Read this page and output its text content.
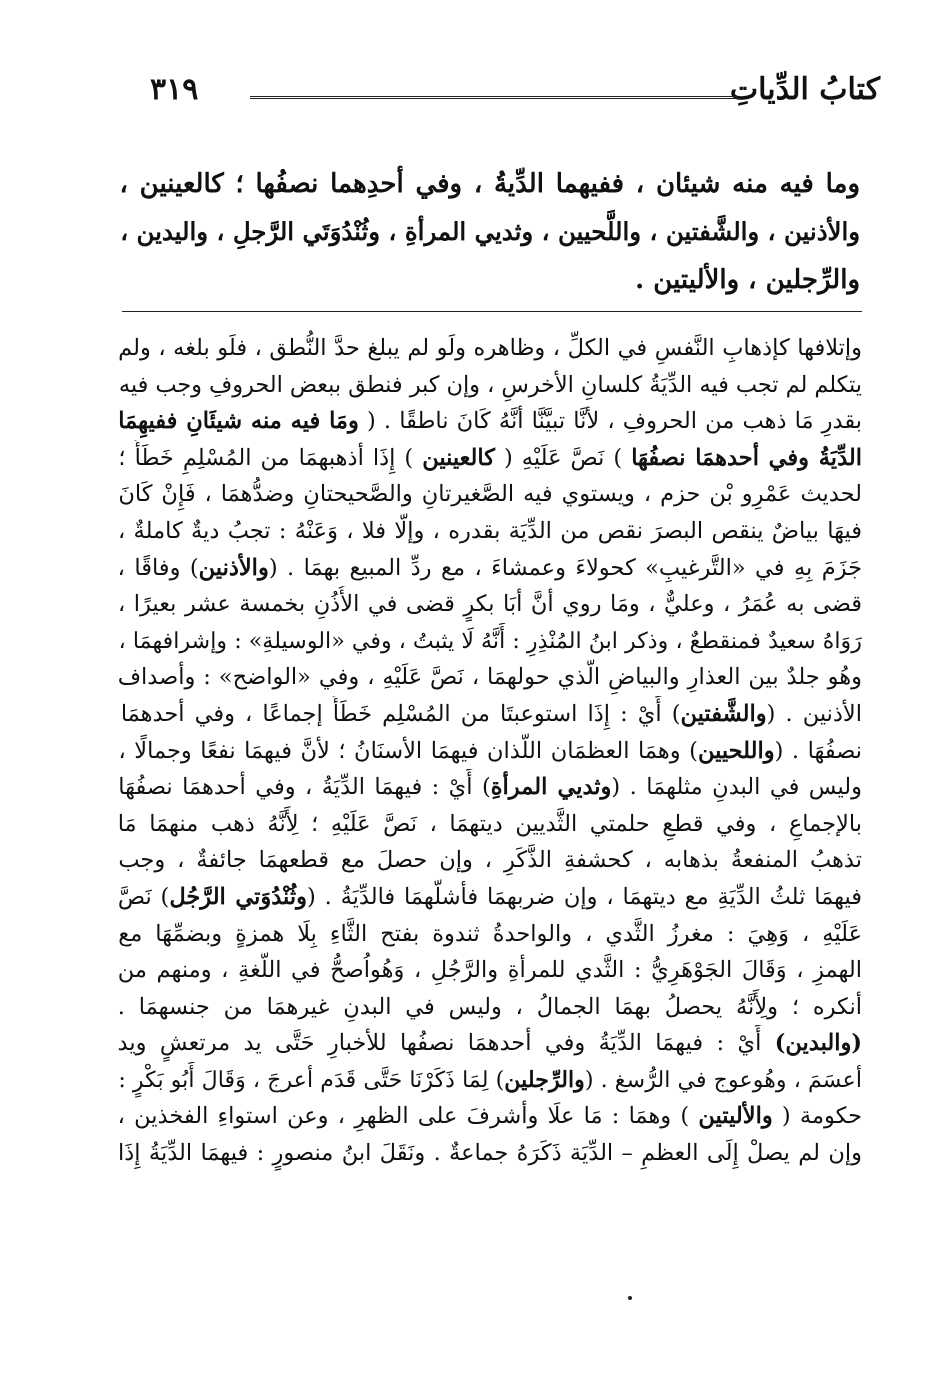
كتابُ الدِّياتِ
٣١٩
وما فيه منه شيئان ، ففيهما الدِّيةُ ، وفي أحدِهما نصفُها ؛ كالعينين ،
والأذنين ، والشَّفتين ، واللَّحيين ، وثديي المرأةِ ، وثُنْدُوَتَي الرَّجلِ ، واليدين ،
والرِّجلين ، والأليتين .
وإتلافها كإذهابِ النَّفسِ في الكلِّ ، وظاهره ولَو لم يبلغ حدَّ النُّطق ، فلَو بلغه ، ولم
يتكلم لم تجب فيه الدِّيَةُ كلسانِ الأخرسِ ، وإن كبر فنطق ببعض الحروفِ وجب فيه
بقدرِ مَا ذهب من الحروفِ ، لأنَّا تبيَّنَّا أنَّهُ كَانَ ناطقًا . ( ومَا فيه منه شيئَانِ ففيهِمَا
الدِّيَةُ وفي أحدهمَا نصفُهَا ) نَصَّ عَلَيْهِ ( كالعينين ) إِذَا أذهبهمَا من المُسْلِمِ خَطَأً ؛
لحديث عَمْرِو بْن حزم ، ويستوي فيه الصَّغيرتانِ والصَّحيحتانِ وضدُّهمَا ، فَإِنْ كَانَ
فيهَا بياضٌ ينقص البصرَ نقص من الدِّيَة بقدره ، وإلَّا فلا ، وَعَنْهُ : تجبُ ديةٌ كاملةٌ ،
جَزَمَ بِهِ في «التَّرغيبِ» كحولاءَ وعمشاءَ ، مع ردِّ المبيع بهمَا . (والأذنين) وفاقًا ،
قضى به عُمَرُ ، وعليٌّ ، ومَا روي أنَّ أبَا بكرٍ قضى في الأُذُنِ بخمسة عشر بعيرًا ،
رَوَاهُ سعيدٌ فمنقطعٌ ، وذكر ابنُ المُنْذِرِ : أَنَّهُ لَا يثبتُ ، وفي «الوسيلةِ» : وإشرافهمَا ،
وهُو جلدٌ بين العذارِ والبياضِ الَّذي حولهمَا ، نَصَّ عَلَيْهِ ، وفي «الواضح» : وأصداف
الأذنين . (والشَّفتين) أَيْ : إِذَا استوعبتَا من المُسْلِم خَطَأً إجماعًا ، وفي أحدهمَا
نصفُهَا . (واللحيين) وهمَا العظمَان اللَّذان فيهمَا الأسنَانُ ؛ لأنَّ فيهمَا نفعًا وجمالًا ،
وليس في البدنِ مثلهمَا . (وثديي المرأةِ) أَيْ : فيهمَا الدِّيَةُ ، وفي أحدهمَا نصفُهَا
بالإجماعِ ، وفي قطعِ حلمتي الثَّديين ديتهمَا ، نَصَّ عَلَيْهِ ؛ لِأَنَّهُ ذهب منهمَا مَا
تذهبُ المنفعةُ بذهابه ، كحشفةِ الذَّكَرِ ، وإن حصلَ مع قطعهمَا جائفةٌ ، وجب
فيهمَا ثلثُ الدِّيَةِ مع ديتهمَا ، وإن ضربهمَا فأشلَّهمَا فالدِّيَةُ . (وثُنْدُوَتي الرَّجُل) نَصَّ
عَلَيْهِ ، وَهِيَ : مغرزُ الثَّدي ، والواحدةُ ثندوة بفتح الثَّاءِ بِلَا همزةٍ وبضمِّهَا مع
الهمزِ ، وَقَالَ الجَوْهَرِيُّ : الثَّدي للمرأةِ والرَّجُلِ ، وَهُواُصحُّ في اللُّغةِ ، ومنهم من
أنكره ؛ ولِأَنَّهُ يحصلُ بهمَا الجمالُ ، وليس في البدنِ غيرهمَا من جنسهمَا .
(والبدين) أَيْ : فيهمَا الدِّيَةُ وفي أحدهمَا نصفُها للأخبارِ حَتَّى يد مرتعشٍ ويد
أعسَمَ ، وهُوعوج في الرُّسغ . (والرِّجلين) لِمَا ذَكَرْنَا حَتَّى قَدَم أعرجَ ، وَقَالَ أَبُو بَكْرٍ :
حكومة ( والأليتين ) وهمَا : مَا علَا وأشرفَ على الظهرِ ، وعن استواءِ الفخذين ،
وإن لم يصلْ إِلَى العظمِ – الدِّيَة ذَكَرَهُ جماعةٌ . ونَقَلَ ابنُ منصورٍ : فيهمَا الدِّيَةُ إِذَا
